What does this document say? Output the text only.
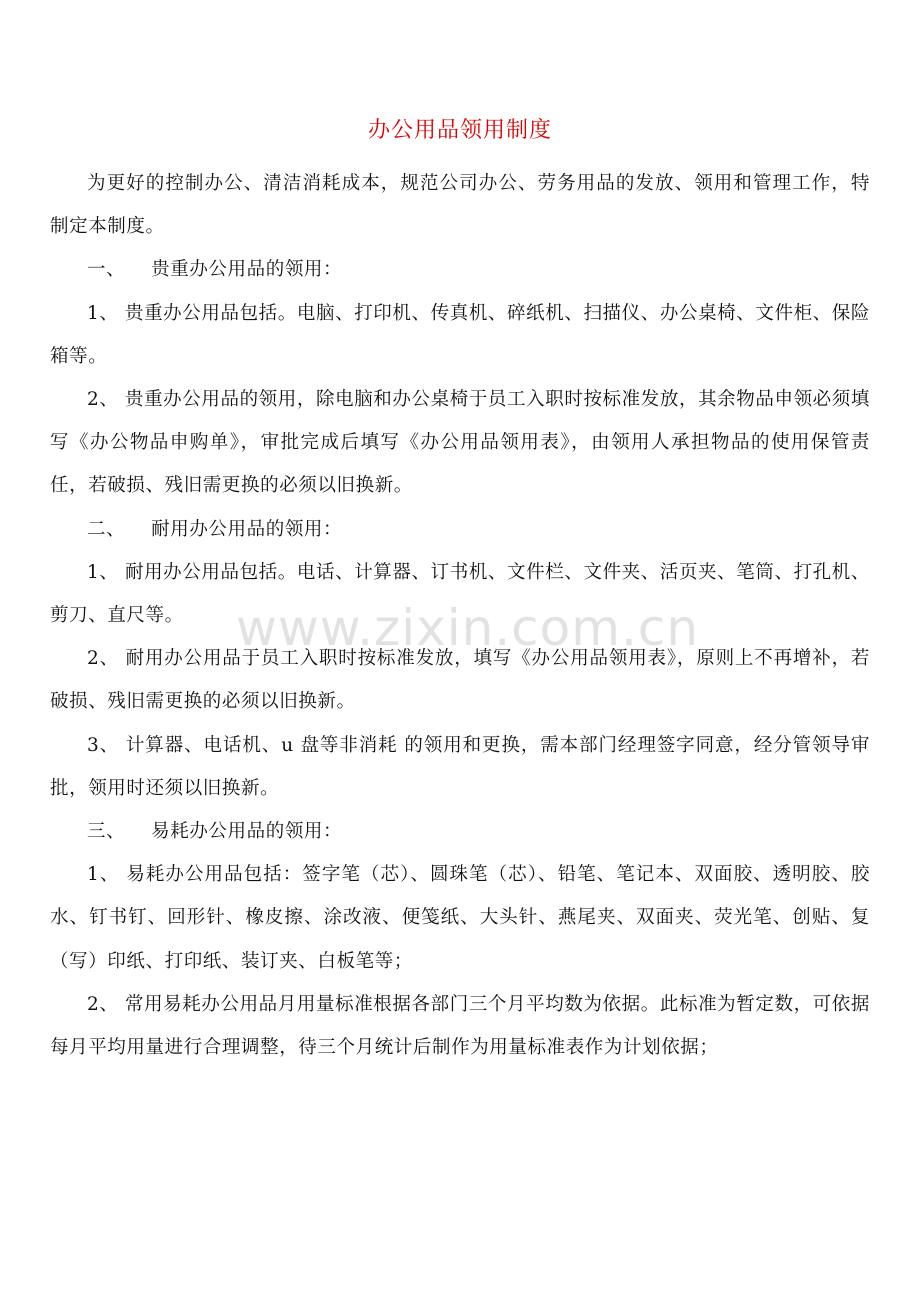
办公用品领用制度

为更好的控制办公、清洁消耗成本，规范公司办公、劳务用品的发放、领用和管理工作，特制定本制度。

一、    贵重办公用品的领用：

1、 贵重办公用品包括。电脑、打印机、传真机、碎纸机、扫描仪、办公桌椅、文件柜、保险箱等。

2、 贵重办公用品的领用，除电脑和办公桌椅于员工入职时按标准发放，其余物品申领必须填写《办公物品申购单》，审批完成后填写《办公用品领用表》，由领用人承担物品的使用保管责任，若破损、残旧需更换的必须以旧换新。

二、    耐用办公用品的领用：

1、 耐用办公用品包括。电话、计算器、订书机、文件栏、文件夹、活页夹、笔筒、打孔机、剪刀、直尺等。

2、 耐用办公用品于员工入职时按标准发放，填写《办公用品领用表》，原则上不再增补，若破损、残旧需更换的必须以旧换新。

3、 计算器、电话机、u 盘等非消耗 的领用和更换，需本部门经理签字同意，经分管领导审批，领用时还须以旧换新。

三、    易耗办公用品的领用：

1、 易耗办公用品包括：签字笔（芯）、圆珠笔（芯）、铅笔、笔记本、双面胶、透明胶、胶水、钉书钉、回形针、橡皮擦、涂改液、便笺纸、大头针、燕尾夹、双面夹、荧光笔、创贴、复（写）印纸、打印纸、装订夹、白板笔等；

2、 常用易耗办公用品月用量标准根据各部门三个月平均数为依据。此标准为暂定数，可依据每月平均用量进行合理调整，待三个月统计后制作为用量标准表作为计划依据；

www.zixin.com.cn
